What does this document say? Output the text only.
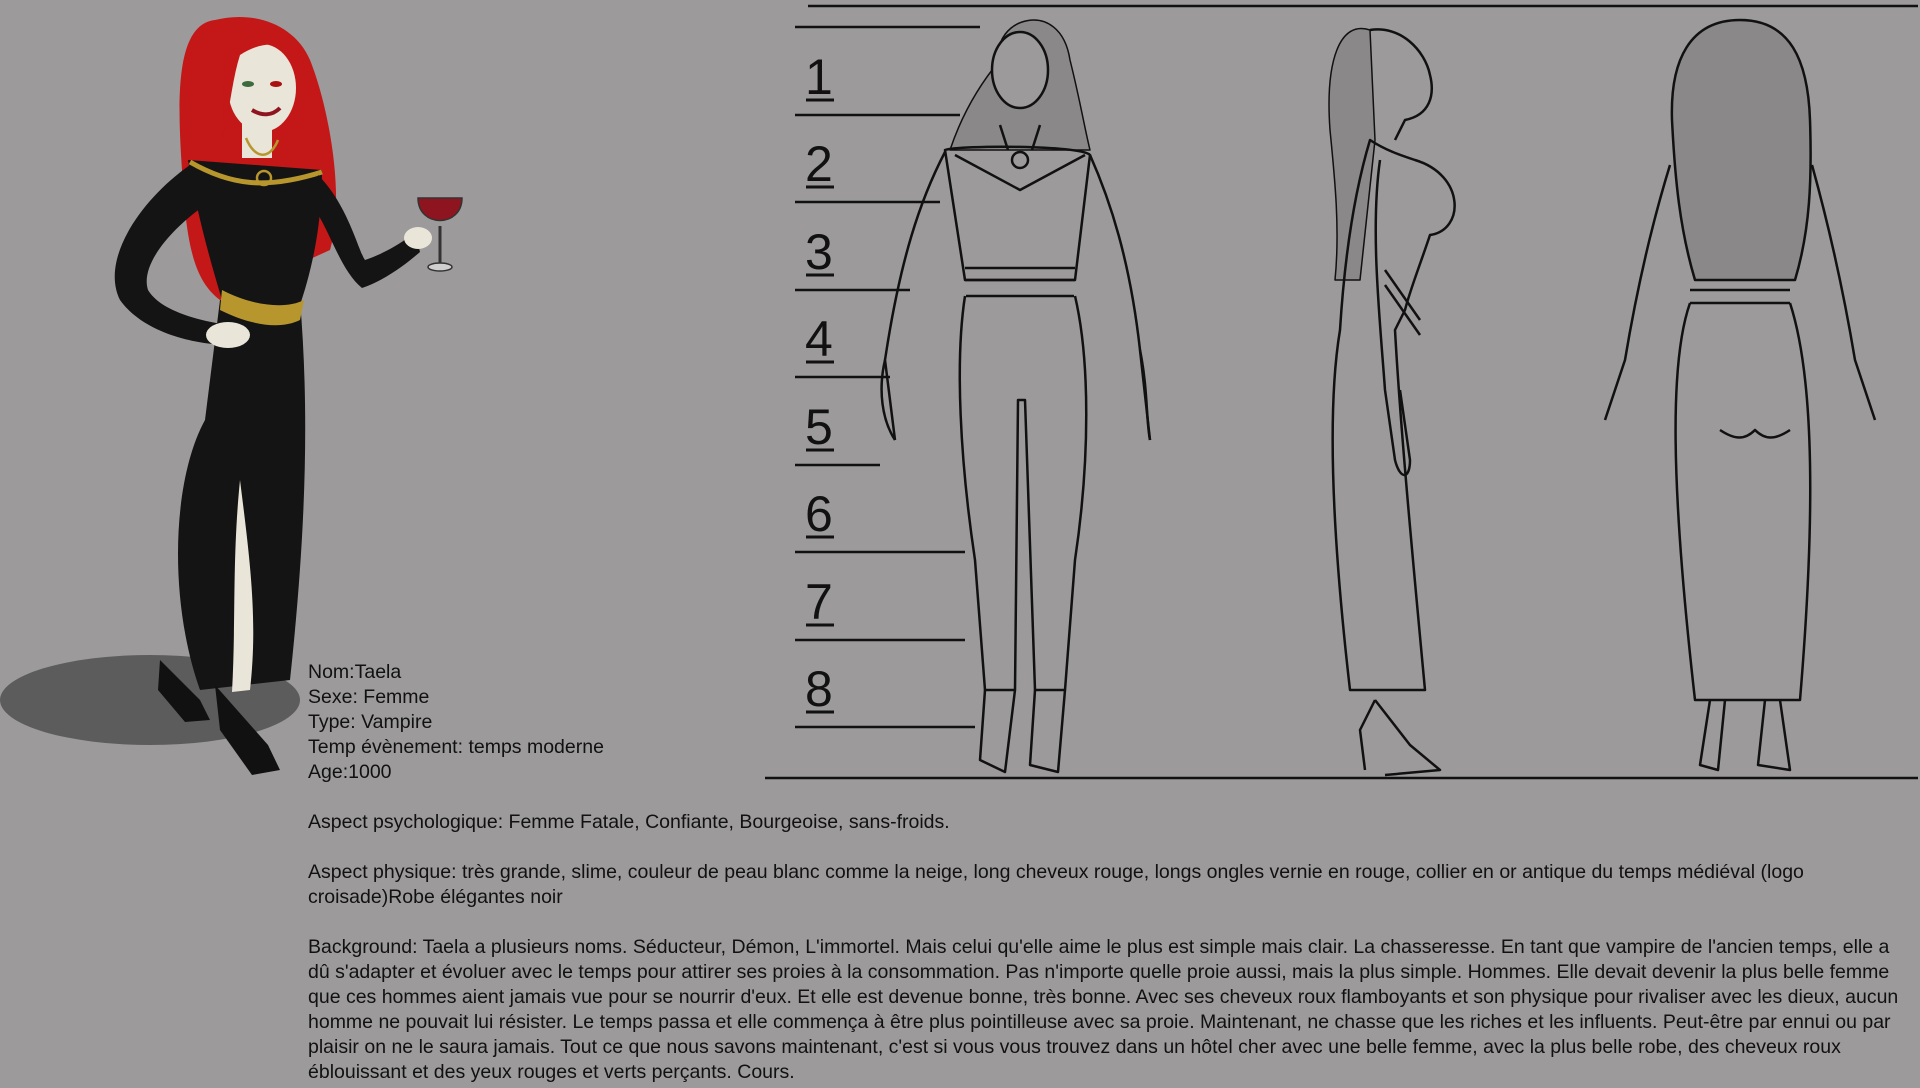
1
2
3
4
5
6
7
8

Nom:Taela

Sexe: Femme

Type: Vampire

Temp évènement: temps moderne

Age:1000

Aspect psychologique: Femme Fatale, Confiante, Bourgeoise, sans-froids.

Aspect physique: très grande, slime, couleur de peau blanc comme la neige, long cheveux rouge, longs ongles vernie en rouge, collier en or antique du temps médiéval (logo croisade)Robe élégantes noir

Background: Taela a plusieurs noms. Séducteur, Démon, L'immortel. Mais celui qu'elle aime le plus est simple mais clair. La chasseresse. En tant que vampire de l'ancien temps, elle a dû s'adapter et évoluer avec le temps pour attirer ses proies à la consommation. Pas n'importe quelle proie aussi, mais la plus simple. Hommes. Elle devait devenir la plus belle femme que ces hommes aient jamais vue pour se nourrir d'eux. Et elle est devenue bonne, très bonne. Avec ses cheveux roux flamboyants et son physique pour rivaliser avec les dieux, aucun homme ne pouvait lui résister. Le temps passa et elle commença à être plus pointilleuse avec sa proie. Maintenant, ne chasse que les riches et les influents. Peut-être par ennui ou par plaisir on ne le saura jamais. Tout ce que nous savons maintenant, c'est si vous vous trouvez dans un hôtel cher avec une belle femme, avec la plus belle robe, des cheveux roux éblouissant et des yeux rouges et verts perçants. Cours.
